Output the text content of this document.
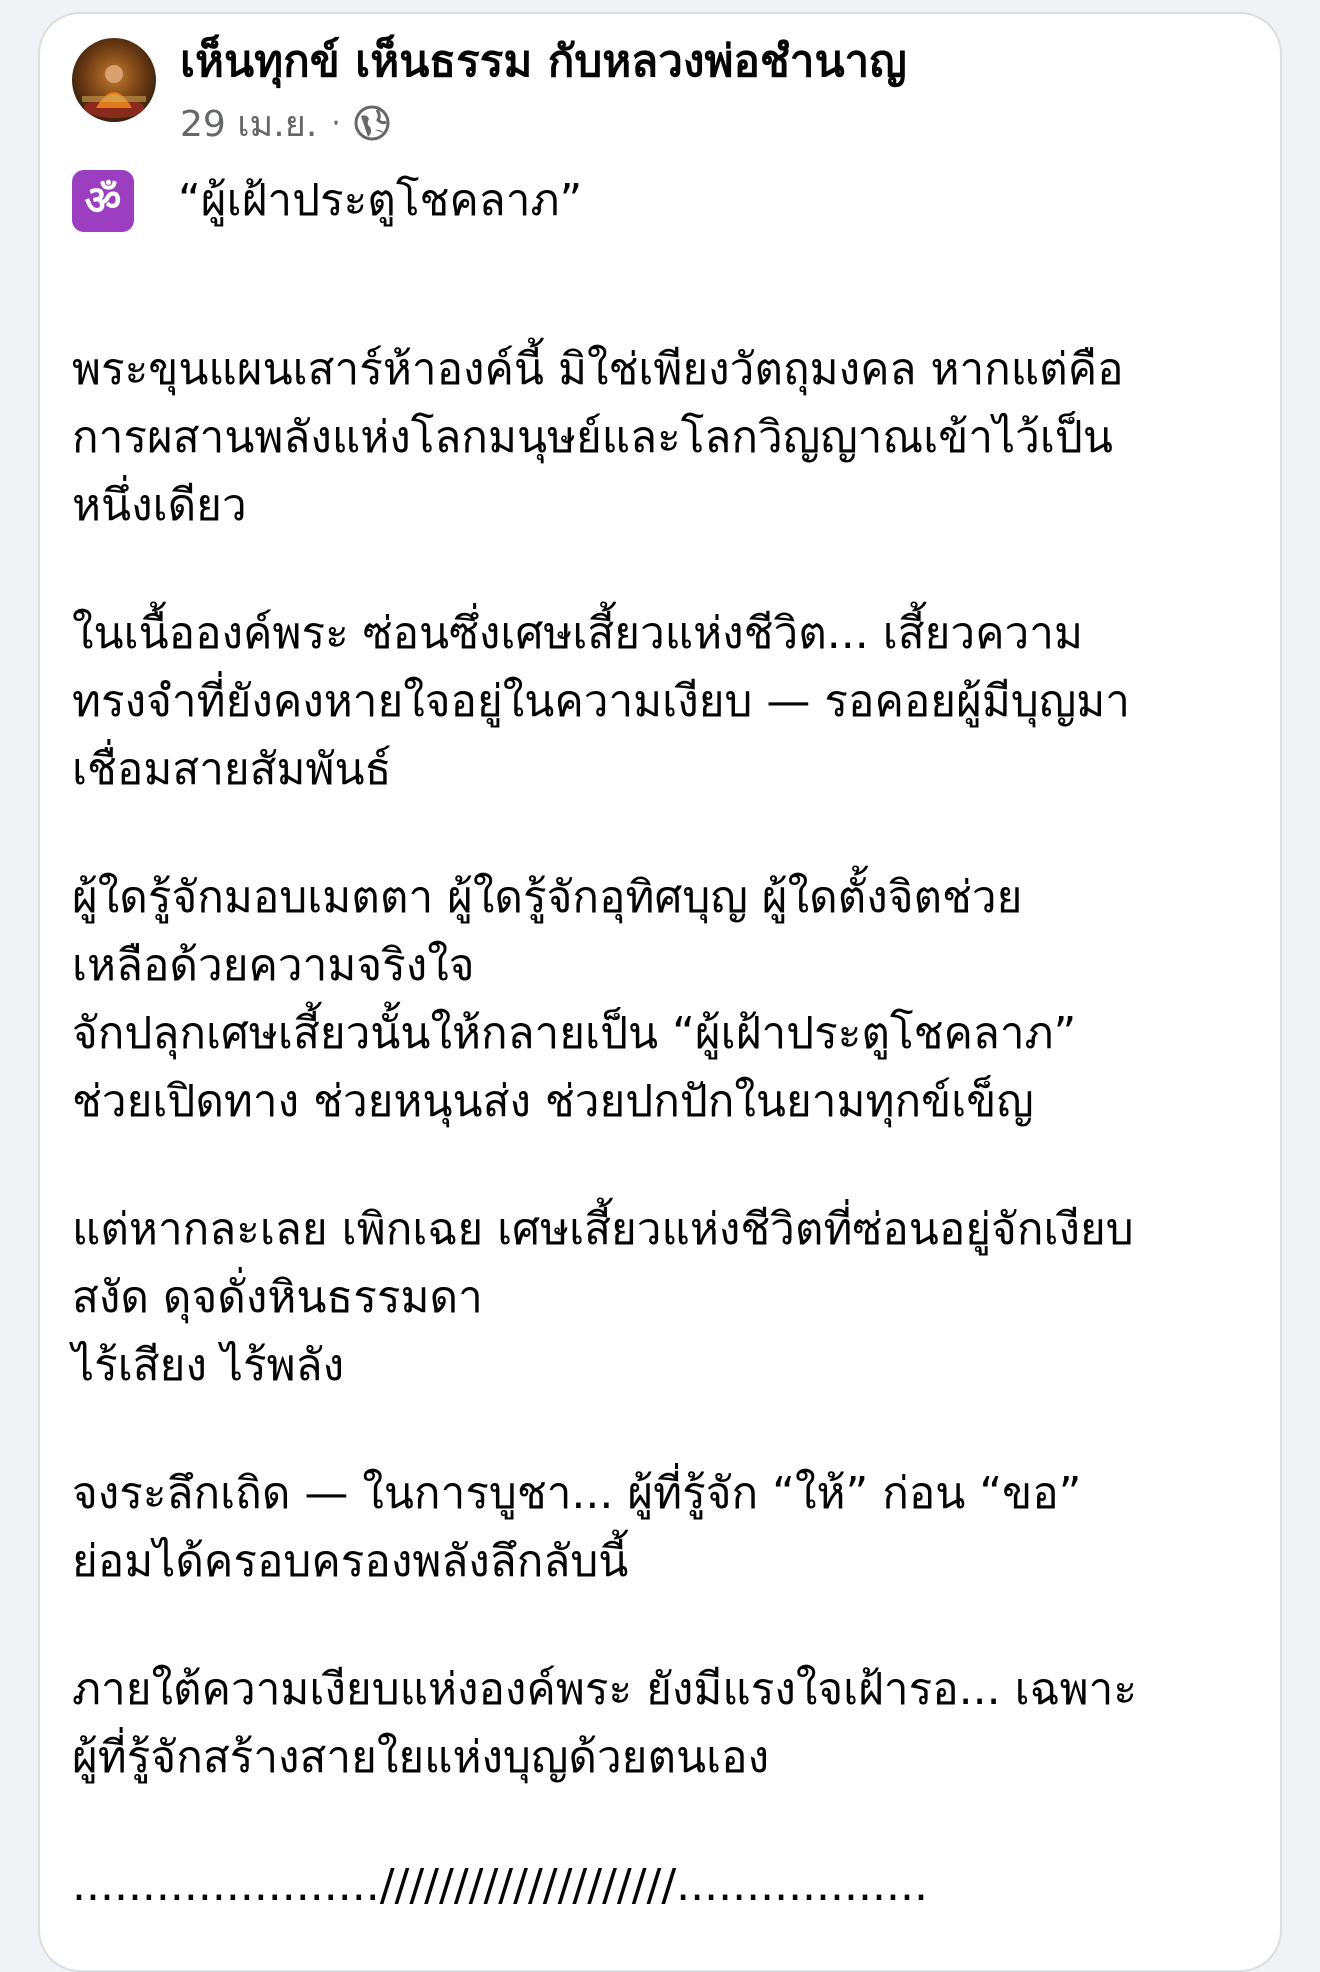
เห็นทุกข์ เห็นธรรม กับหลวงพ่อชำนาญ
29 เม.ย. ·
ॐ “ผู้เฝ้าประตูโชคลาภ”

พระขุนแผนเสาร์ห้าองค์นี้ มิใช่เพียงวัตถุมงคล หากแต่คือ

การผสานพลังแห่งโลกมนุษย์และโลกวิญญาณเข้าไว้เป็น

หนึ่งเดียว

ในเนื้อองค์พระ ซ่อนซึ่งเศษเสี้ยวแห่งชีวิต... เสี้ยวความ

ทรงจำที่ยังคงหายใจอยู่ในความเงียบ — รอคอยผู้มีบุญมา

เชื่อมสายสัมพันธ์

ผู้ใดรู้จักมอบเมตตา ผู้ใดรู้จักอุทิศบุญ ผู้ใดตั้งจิตช่วย

เหลือด้วยความจริงใจ

จักปลุกเศษเสี้ยวนั้นให้กลายเป็น “ผู้เฝ้าประตูโชคลาภ”

ช่วยเปิดทาง ช่วยหนุนส่ง ช่วยปกปักในยามทุกข์เข็ญ

แต่หากละเลย เพิกเฉย เศษเสี้ยวแห่งชีวิตที่ซ่อนอยู่จักเงียบ

สงัด ดุจดั่งหินธรรมดา

ไร้เสียง ไร้พลัง

จงระลึกเถิด — ในการบูชา... ผู้ที่รู้จัก “ให้” ก่อน “ขอ”

ย่อมได้ครอบครองพลังลึกลับนี้

ภายใต้ความเงียบแห่งองค์พระ ยังมีแรงใจเฝ้ารอ... เฉพาะ

ผู้ที่รู้จักสร้างสายใยแห่งบุญด้วยตนเอง

......................////////////////////..................
